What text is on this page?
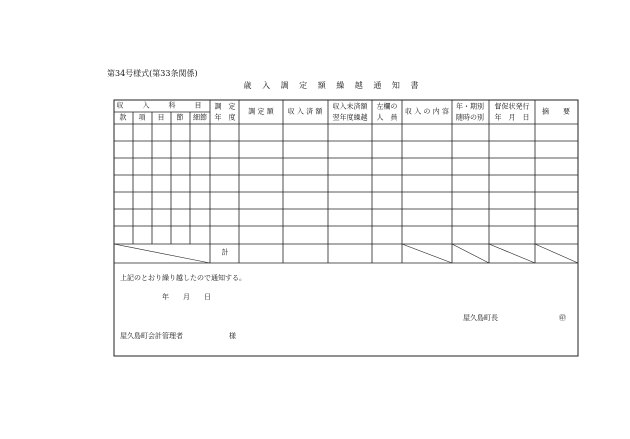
第34号様式(第33条関係)
歳 入 調 定 額 繰 越 通 知 書
収　入　科　目
款 項 目 節 細節
調　定
年　度
調 定 額 収 入 済 額
収入未済額
翌年度繰越
左欄の
人　員
収 入 の 内 容
年・期別
随時の別
督促状発行
年　月　日
摘　　要
計
上記のとおり繰り越したので通知する。
年　　月　　日
屋久島町長	㊞
屋久島町会計管理者	様
